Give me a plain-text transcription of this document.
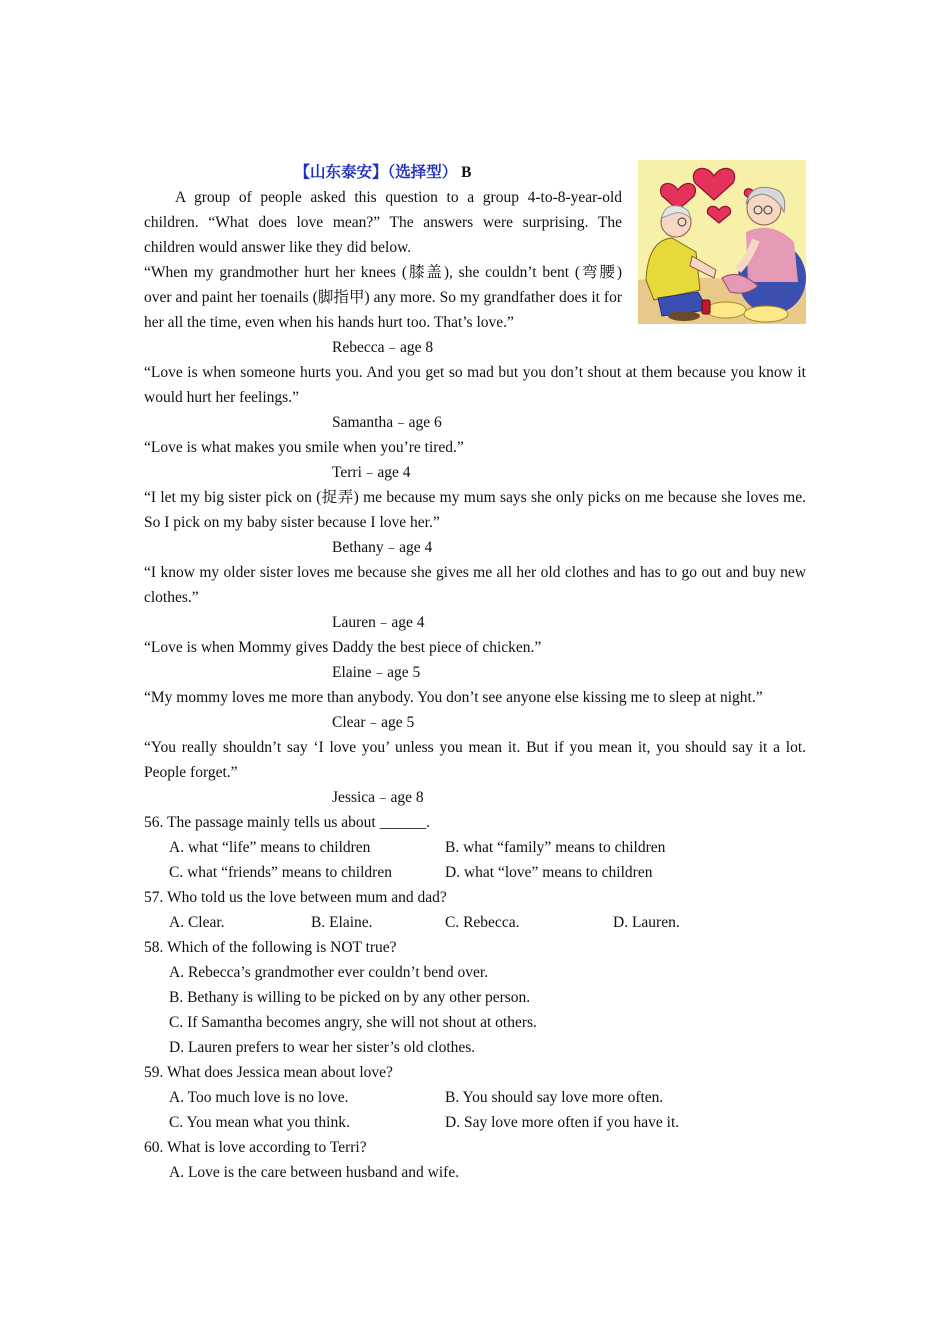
【山东泰安】（选择型） B

A group of people asked this question to a group 4-to-8-year-old children. “What does love mean?” The answers were surprising. The children would answer like they did below.

“When my grandmother hurt her knees (膝盖), she couldn’t bent (弯腰) over and paint her toenails (脚指甲) any more. So my grandfather does it for her all the time, even when his hands hurt too. That’s love.”

Rebecca﹣age 8

“Love is when someone hurts you. And you get so mad but you don’t shout at them because you know it would hurt her feelings.”

Samantha﹣age 6

“Love is what makes you smile when you’re tired.”

Terri﹣age 4

“I let my big sister pick on (捉弄) me because my mum says she only picks on me because she loves me. So I pick on my baby sister because I love her.”

Bethany﹣age 4

“I know my older sister loves me because she gives me all her old clothes and has to go out and buy new clothes.”

Lauren﹣age 4

“Love is when Mommy gives Daddy the best piece of chicken.”

Elaine﹣age 5

“My mommy loves me more than anybody. You don’t see anyone else kissing me to sleep at night.”

Clear﹣age 5

“You really shouldn’t say ‘I love you’ unless you mean it. But if you mean it, you should say it a lot. People forget.”

Jessica﹣age 8

56. The passage mainly tells us about ______.

A. what “life” means to children	B. what “family” means to children
C. what “friends” means to children	D. what “love” means to children

57. Who told us the love between mum and dad?

A. Clear.	B. Elaine.	C. Rebecca.	D. Lauren.

58. Which of the following is NOT true?

A. Rebecca’s grandmother ever couldn’t bend over.

B. Bethany is willing to be picked on by any other person.

C. If Samantha becomes angry, she will not shout at others.

D. Lauren prefers to wear her sister’s old clothes.

59. What does Jessica mean about love?

A. Too much love is no love.	B. You should say love more often.
C. You mean what you think.	D. Say love more often if you have it.

60. What is love according to Terri?

A. Love is the care between husband and wife.
